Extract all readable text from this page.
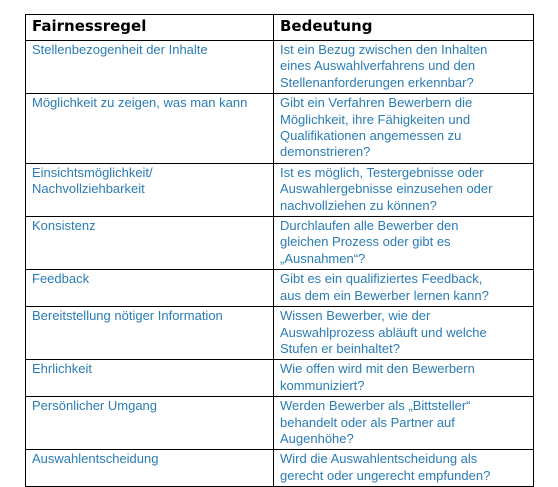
Fairnessregel	Bedeutung

Stellenbezogenheit der Inhalte	Ist ein Bezug zwischen den Inhalten
eines Auswahlverfahrens und den
Stellenanforderungen erkennbar?

Möglichkeit zu zeigen, was man kann	Gibt ein Verfahren Bewerbern die
Möglichkeit, ihre Fähigkeiten und
Qualifikationen angemessen zu
demonstrieren?

Einsichtsmöglichkeit/
Nachvollziehbarkeit	Ist es möglich, Testergebnisse oder
Auswahlergebnisse einzusehen oder
nachvollziehen zu können?

Konsistenz	Durchlaufen alle Bewerber den
gleichen Prozess oder gibt es
„Ausnahmen“?

Feedback	Gibt es ein qualifiziertes Feedback,
aus dem ein Bewerber lernen kann?

Bereitstellung nötiger Information	Wissen Bewerber, wie der
Auswahlprozess abläuft und welche
Stufen er beinhaltet?

Ehrlichkeit	Wie offen wird mit den Bewerbern
kommuniziert?

Persönlicher Umgang	Werden Bewerber als „Bittsteller“
behandelt oder als Partner auf
Augenhöhe?

Auswahlentscheidung	Wird die Auswahlentscheidung als
gerecht oder ungerecht empfunden?
